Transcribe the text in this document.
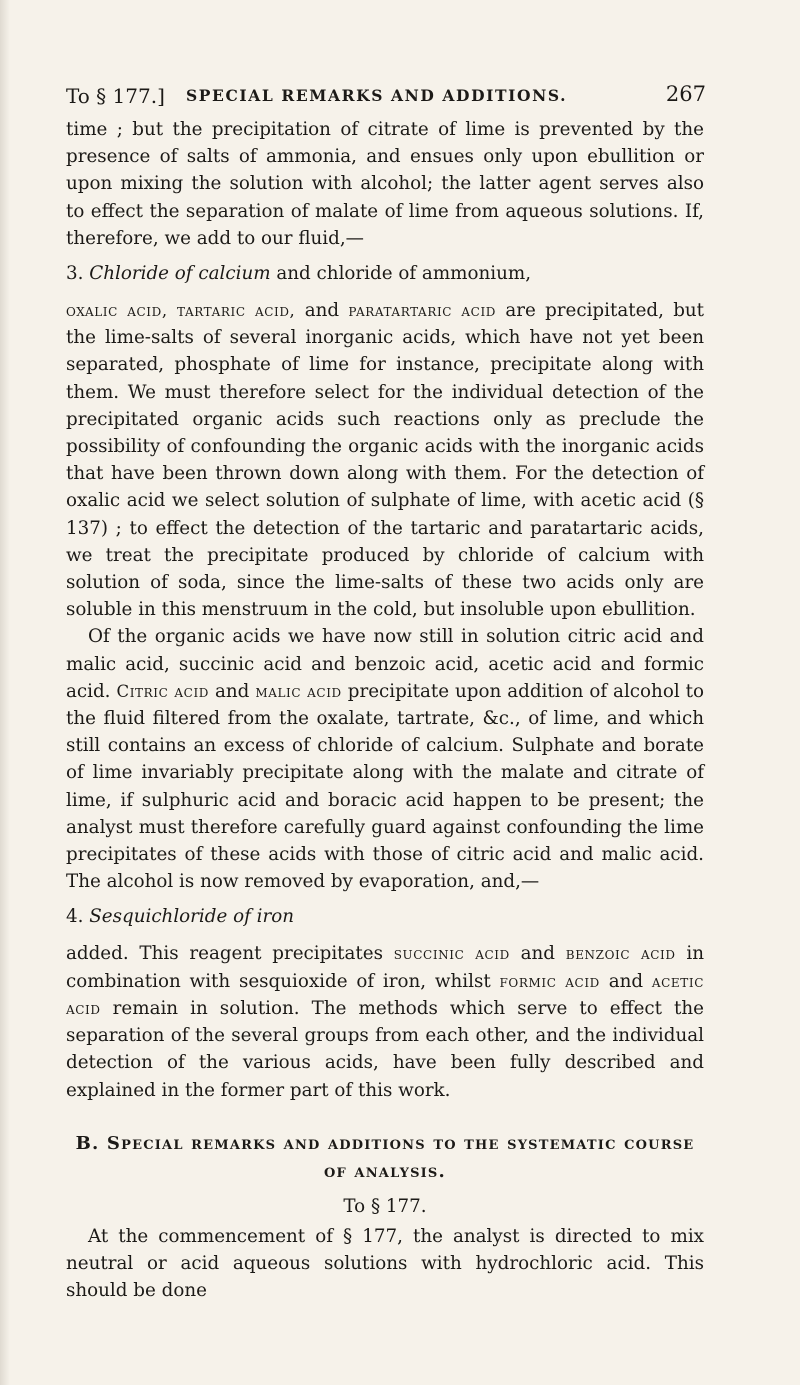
To § 177.] SPECIAL REMARKS AND ADDITIONS.	267

time ; but the precipitation of citrate of lime is prevented by the presence of salts of ammonia, and ensues only upon ebullition or upon mixing the solution with alcohol; the latter agent serves also to effect the separation of malate of lime from aqueous solutions. If, therefore, we add to our fluid,—

3. Chloride of calcium and chloride of ammonium,

oxalic acid, tartaric acid, and paratartaric acid are precipitated, but the lime-salts of several inorganic acids, which have not yet been separated, phosphate of lime for instance, precipitate along with them. We must therefore select for the individual detection of the precipitated organic acids such reactions only as preclude the possibility of confounding the organic acids with the inorganic acids that have been thrown down along with them. For the detection of oxalic acid we select solution of sulphate of lime, with acetic acid (§ 137) ; to effect the detection of the tartaric and paratartaric acids, we treat the precipitate produced by chloride of calcium with solution of soda, since the lime-salts of these two acids only are soluble in this menstruum in the cold, but insoluble upon ebullition.

Of the organic acids we have now still in solution citric acid and malic acid, succinic acid and benzoic acid, acetic acid and formic acid. Citric acid and malic acid precipitate upon addition of alcohol to the fluid filtered from the oxalate, tartrate, &c., of lime, and which still contains an excess of chloride of calcium. Sulphate and borate of lime invariably precipitate along with the malate and citrate of lime, if sulphuric acid and boracic acid happen to be present; the analyst must therefore carefully guard against confounding the lime precipitates of these acids with those of citric acid and malic acid. The alcohol is now removed by evaporation, and,—

4. Sesquichloride of iron

added. This reagent precipitates succinic acid and benzoic acid in combination with sesquioxide of iron, whilst formic acid and acetic acid remain in solution. The methods which serve to effect the separation of the several groups from each other, and the individual detection of the various acids, have been fully described and explained in the former part of this work.

B. Special remarks and additions to the systematic course
of analysis.
To § 177.

At the commencement of § 177, the analyst is directed to mix neutral or acid aqueous solutions with hydrochloric acid. This should be done
